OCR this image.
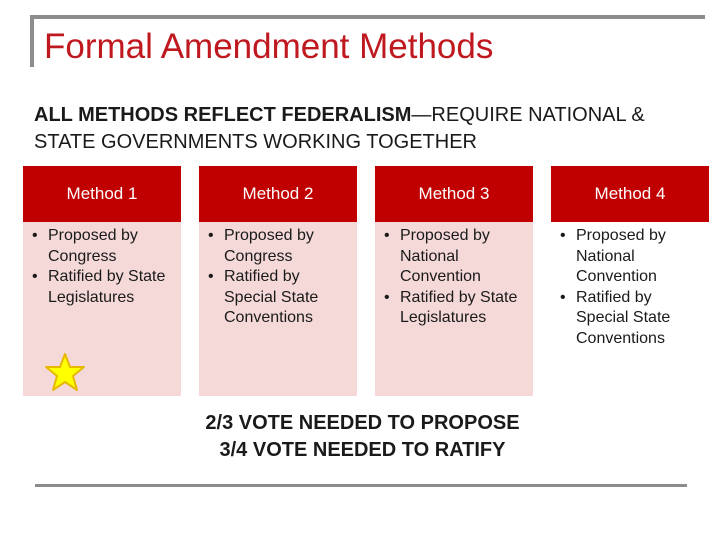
Formal Amendment Methods
ALL METHODS REFLECT FEDERALISM—REQUIRE NATIONAL & STATE GOVERNMENTS WORKING TOGETHER
Method 1
• Proposed by Congress
• Ratified by State Legislatures
Method 2
• Proposed by Congress
• Ratified by Special State Conventions
Method 3
• Proposed by National Convention
• Ratified by State Legislatures
Method 4
• Proposed by National Convention
• Ratified by Special State Conventions
2/3 VOTE NEEDED TO PROPOSE
3/4 VOTE NEEDED TO RATIFY
